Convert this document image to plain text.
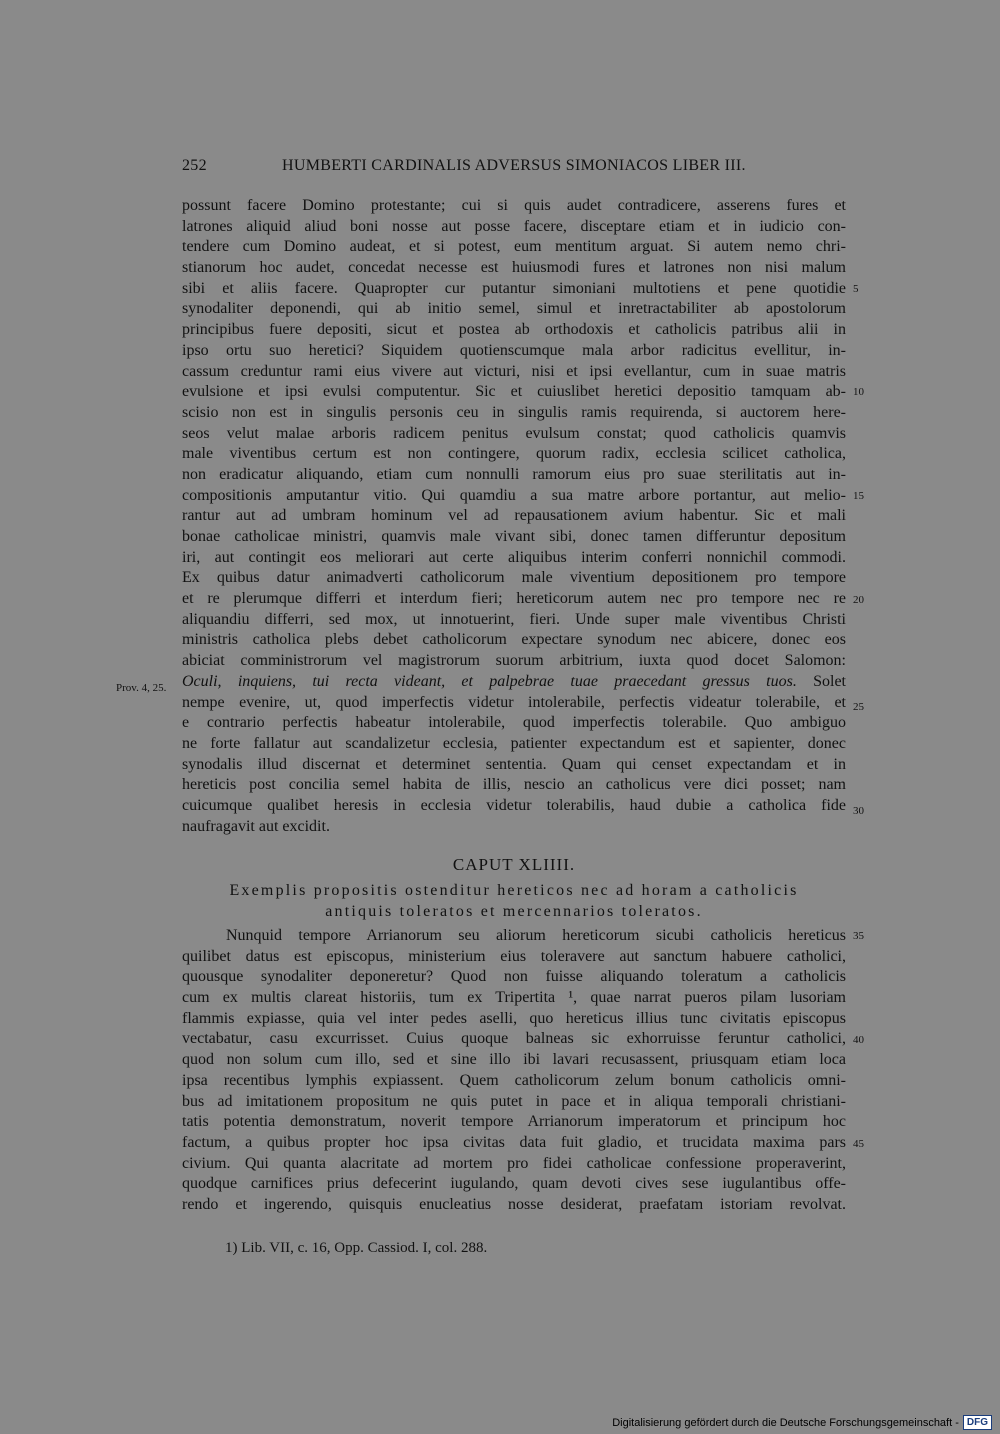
252	HUMBERTI CARDINALIS ADVERSUS SIMONIACOS LIBER III.
possunt facere Domino protestante; cui si quis audet contradicere, asserens fures et
latrones aliquid aliud boni nosse aut posse facere, disceptare etiam et in iudicio con-
tendere cum Domino audeat, et si potest, eum mentitum arguat. Si autem nemo chri-
stianorum hoc audet, concedat necesse est huiusmodi fures et latrones non nisi malum
sibi et aliis facere. Quapropter cur putantur simoniani multotiens et pene quotidie
synodaliter deponendi, qui ab initio semel, simul et inretractabiliter ab apostolorum
principibus fuere depositi, sicut et postea ab orthodoxis et catholicis patribus alii in
ipso ortu suo heretici? Siquidem quotienscumque mala arbor radicitus evellitur, in-
cassum creduntur rami eius vivere aut victuri, nisi et ipsi evellantur, cum in suae matris
evulsione et ipsi evulsi computentur. Sic et cuiuslibet heretici depositio tamquam ab-
scisio non est in singulis personis ceu in singulis ramis requirenda, si auctorem here-
seos velut malae arboris radicem penitus evulsum constat; quod catholicis quamvis
male viventibus certum est non contingere, quorum radix, ecclesia scilicet catholica,
non eradicatur aliquando, etiam cum nonnulli ramorum eius pro suae sterilitatis aut in-
compositionis amputantur vitio. Qui quamdiu a sua matre arbore portantur, aut melio-
rantur aut ad umbram hominum vel ad repausationem avium habentur. Sic et mali
bonae catholicae ministri, quamvis male vivant sibi, donec tamen differuntur depositum
iri, aut contingit eos meliorari aut certe aliquibus interim conferri nonnichil commodi.
Ex quibus datur animadverti catholicorum male viventium depositionem pro tempore
et re plerumque differri et interdum fieri; hereticorum autem nec pro tempore nec re
aliquandiu differri, sed mox, ut innotuerint, fieri. Unde super male viventibus Christi
ministris catholica plebs debet catholicorum expectare synodum nec abicere, donec eos
abiciat comministrorum vel magistrorum suorum arbitrium, iuxta quod docet Salomon:
Oculi, inquiens, tui recta videant, et palpebrae tuae praecedant gressus tuos. Solet
nempe evenire, ut, quod imperfectis videtur intolerabile, perfectis videatur tolerabile, et
e contrario perfectis habeatur intolerabile, quod imperfectis tolerabile. Quo ambiguo
ne forte fallatur aut scandalizetur ecclesia, patienter expectandum est et sapienter, donec
synodalis illud discernat et determinet sententia. Quam qui censet expectandam et in
hereticis post concilia semel habita de illis, nescio an catholicus vere dici posset; nam
cuicumque qualibet heresis in ecclesia videtur tolerabilis, haud dubie a catholica fide
naufragavit aut excidit.
Prov. 4, 25.
CAPUT XLIIII.
Exemplis propositis ostenditur hereticos nec ad horam a catholicis
antiquis toleratos et mercennarios toleratos.
Nunquid tempore Arrianorum seu aliorum hereticorum sicubi catholicis hereticus
quilibet datus est episcopus, ministerium eius toleravere aut sanctum habuere catholici,
quousque synodaliter deponeretur? Quod non fuisse aliquando toleratum a catholicis
cum ex multis clareat historiis, tum ex Tripertita ¹, quae narrat pueros pilam lusoriam
flammis expiasse, quia vel inter pedes aselli, quo hereticus illius tunc civitatis episcopus
vectabatur, casu excurrisset. Cuius quoque balneas sic exhorruisse feruntur catholici,
quod non solum cum illo, sed et sine illo ibi lavari recusassent, priusquam etiam loca
ipsa recentibus lymphis expiassent. Quem catholicorum zelum bonum catholicis omni-
bus ad imitationem propositum ne quis putet in pace et in aliqua temporali christiani-
tatis potentia demonstratum, noverit tempore Arrianorum imperatorum et principum hoc
factum, a quibus propter hoc ipsa civitas data fuit gladio, et trucidata maxima pars
civium. Qui quanta alacritate ad mortem pro fidei catholicae confessione properaverint,
quodque carnifices prius defecerint iugulando, quam devoti cives sese iugulantibus offe-
rendo et ingerendo, quisquis enucleatius nosse desiderat, praefatam istoriam revolvat.
5
10
15
20
25
30
35
40
45
1) Lib. VII, c. 16, Opp. Cassiod. I, col. 288.
Digitalisierung gefördert durch die Deutsche Forschungsgemeinschaft - DFG
